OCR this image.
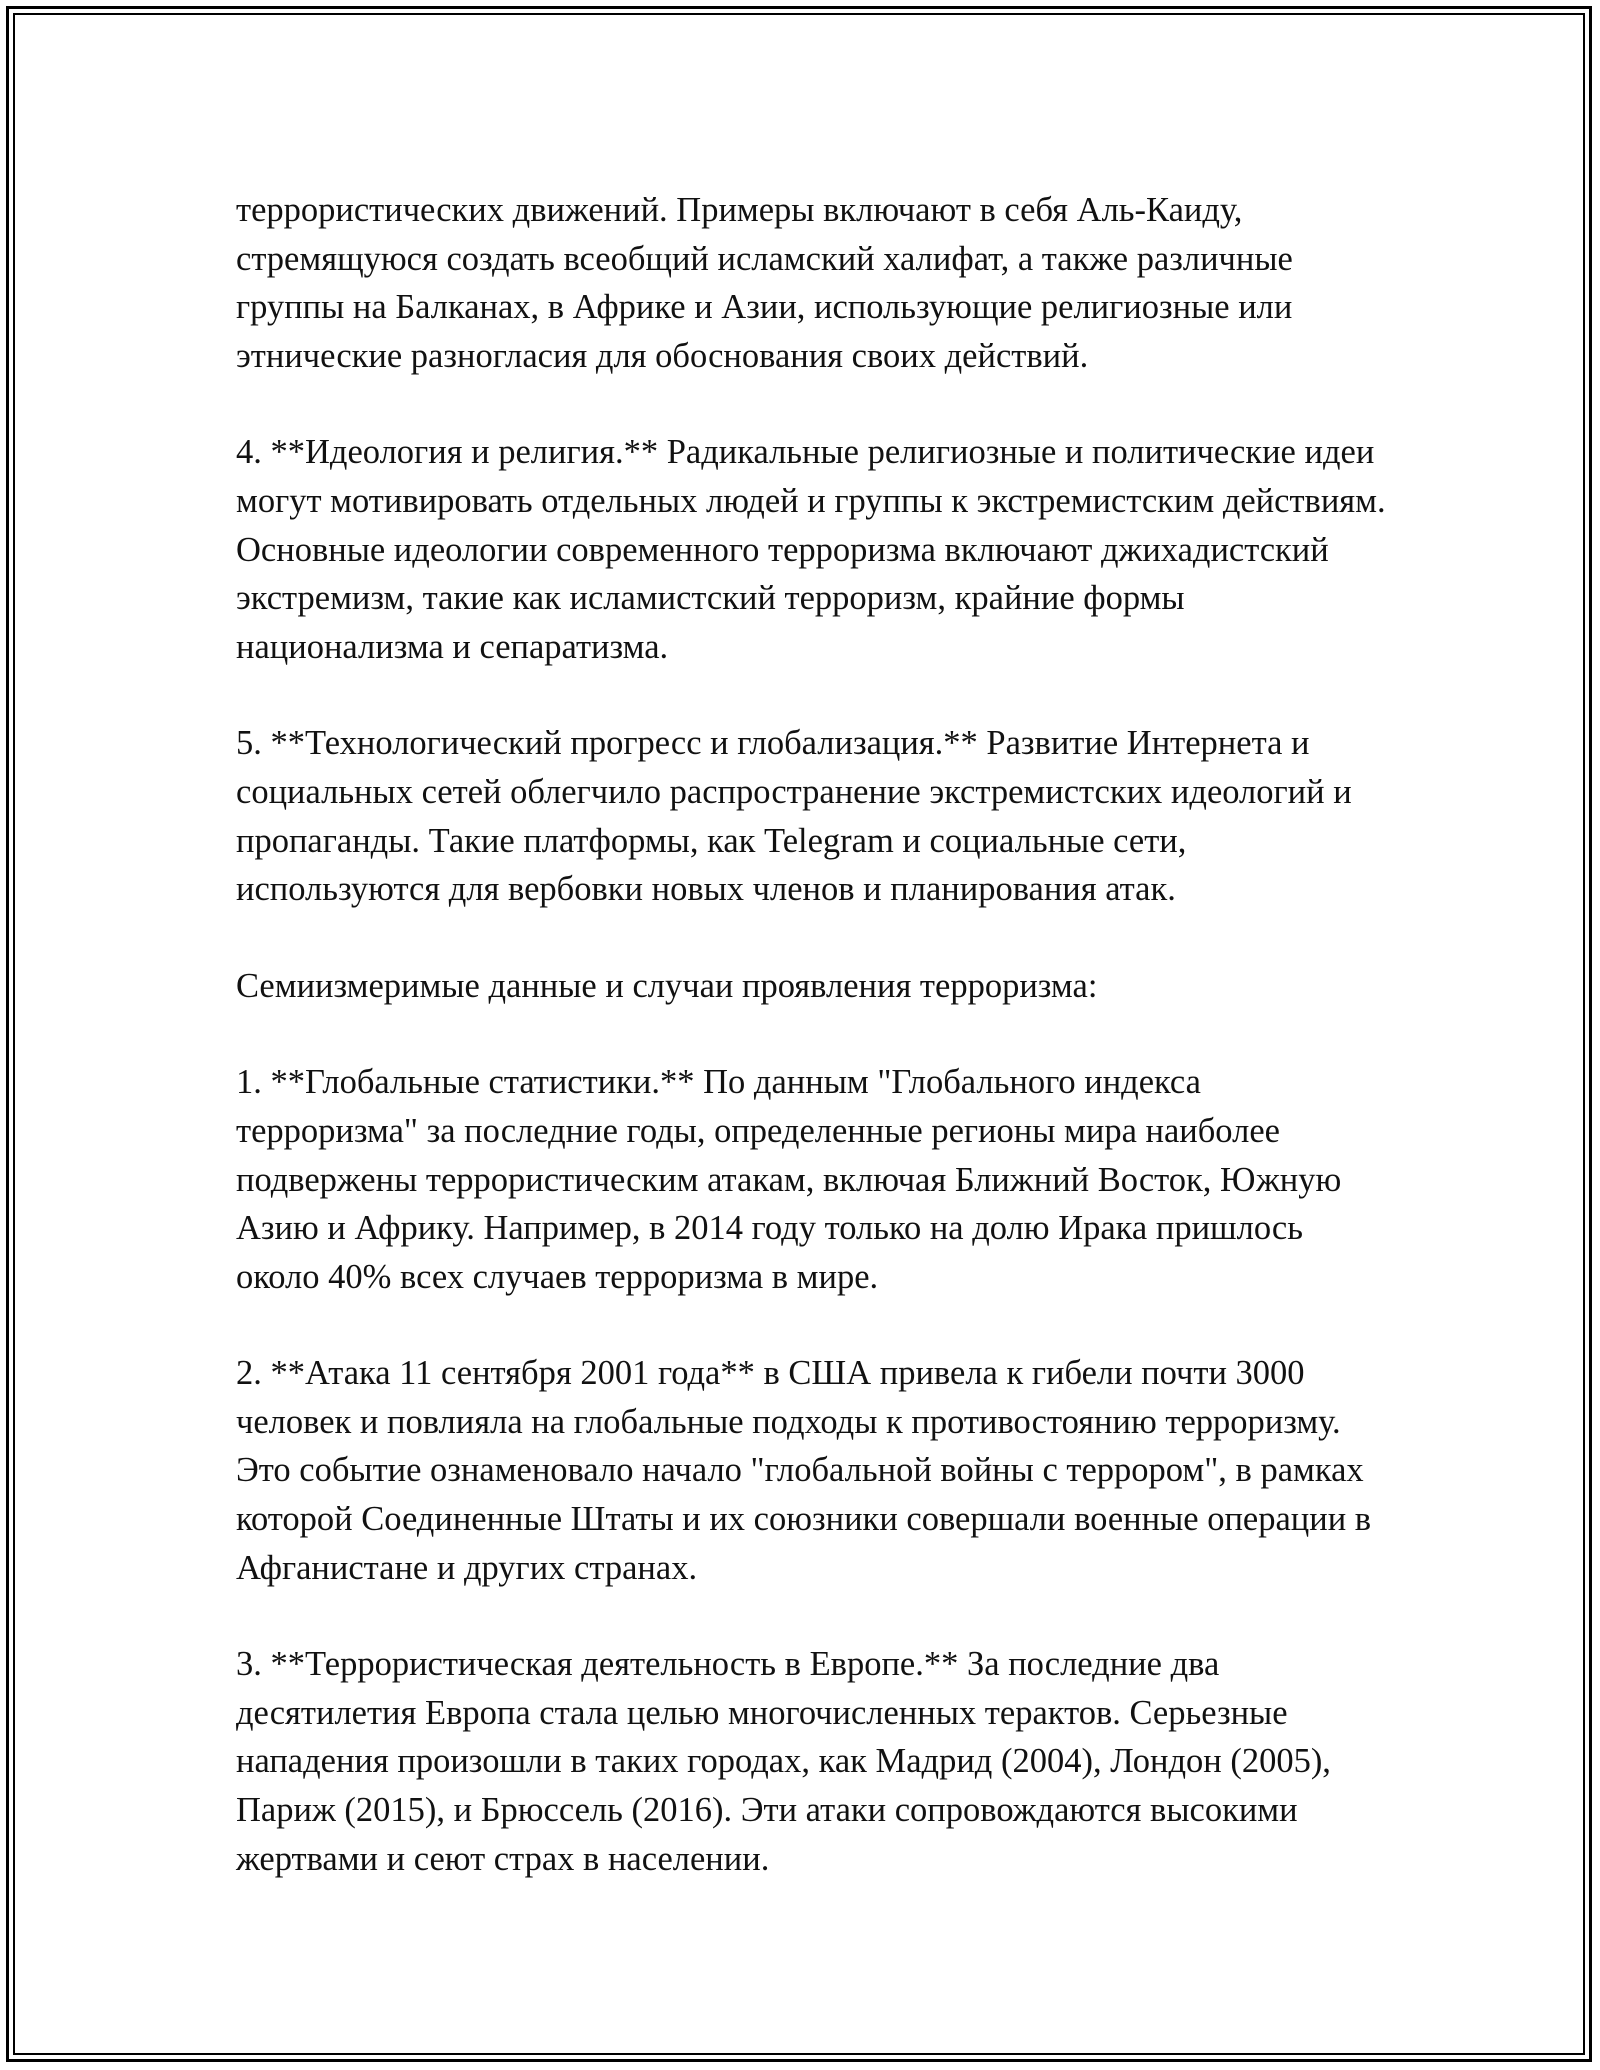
террористических движений. Примеры включают в себя Аль-Каиду, стремящуюся создать всеобщий исламский халифат, а также различные группы на Балканах, в Африке и Азии, использующие религиозные или этнические разногласия для обоснования своих действий.

4. **Идеология и религия.** Радикальные религиозные и политические идеи могут мотивировать отдельных людей и группы к экстремистским действиям. Основные идеологии современного терроризма включают джихадистский экстремизм, такие как исламистский терроризм, крайние формы национализма и сепаратизма.

5. **Технологический прогресс и глобализация.** Развитие Интернета и социальных сетей облегчило распространение экстремистских идеологий и пропаганды. Такие платформы, как Telegram и социальные сети, используются для вербовки новых членов и планирования атак.

Семиизмеримые данные и случаи проявления терроризма:

1. **Глобальные статистики.** По данным "Глобального индекса терроризма" за последние годы, определенные регионы мира наиболее подвержены террористическим атакам, включая Ближний Восток, Южную Азию и Африку. Например, в 2014 году только на долю Ирака пришлось около 40% всех случаев терроризма в мире.

2. **Атака 11 сентября 2001 года** в США привела к гибели почти 3000 человек и повлияла на глобальные подходы к противостоянию терроризму. Это событие ознаменовало начало "глобальной войны с террором", в рамках которой Соединенные Штаты и их союзники совершали военные операции в Афганистане и других странах.

3. **Террористическая деятельность в Европе.** За последние два десятилетия Европа стала целью многочисленных терактов. Серьезные нападения произошли в таких городах, как Мадрид (2004), Лондон (2005), Париж (2015), и Брюссель (2016). Эти атаки сопровождаются высокими жертвами и сеют страх в населении.
